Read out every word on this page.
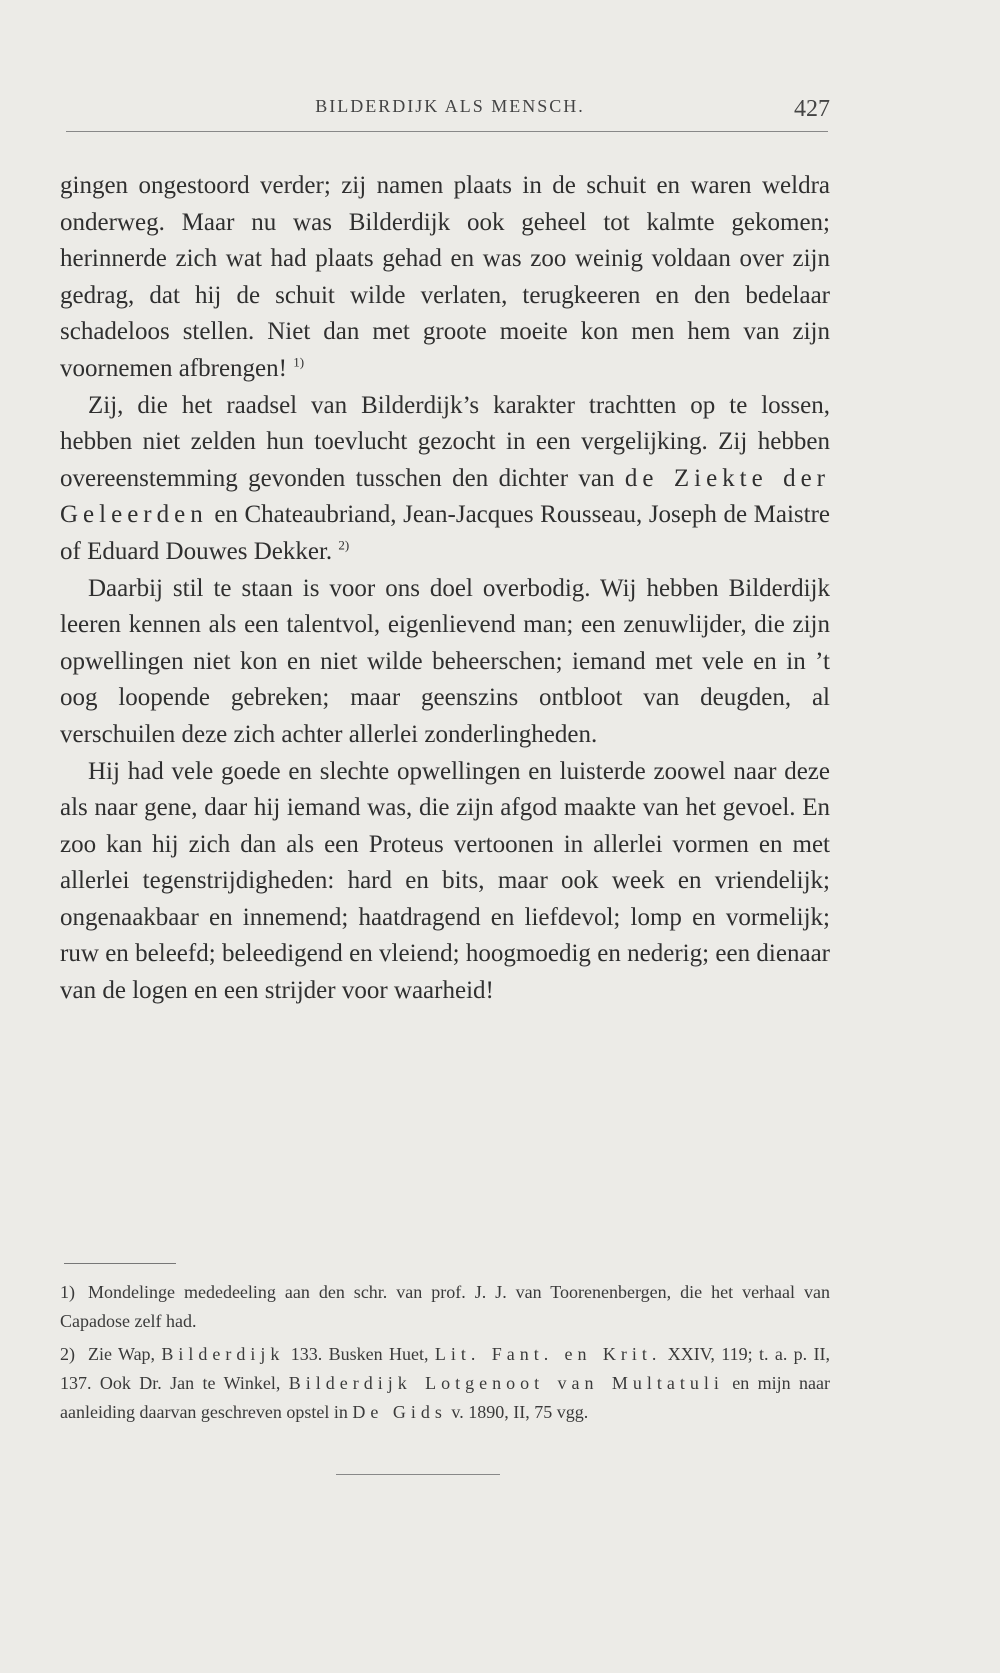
BILDERDIJK ALS MENSCH.	427

gingen ongestoord verder; zij namen plaats in de schuit en waren weldra onderweg. Maar nu was Bilderdijk ook geheel tot kalmte gekomen; herinnerde zich wat had plaats gehad en was zoo weinig voldaan over zijn gedrag, dat hij de schuit wilde verlaten, terugkeeren en den bedelaar schadeloos stellen. Niet dan met groote moeite kon men hem van zijn voornemen afbrengen! $^{1)}$

Zij, die het raadsel van Bilderdijk’s karakter trachtten op te lossen, hebben niet zelden hun toevlucht gezocht in een vergelijking. Zij hebben overeenstemming gevonden tusschen den dichter van de Ziekte der Geleerden en Chateaubriand, Jean-Jacques Rousseau, Joseph de Maistre of Eduard Douwes Dekker. $^{2)}$

Daarbij stil te staan is voor ons doel overbodig. Wij hebben Bilderdijk leeren kennen als een talentvol, eigenlievend man; een zenuwlijder, die zijn opwellingen niet kon en niet wilde beheerschen; iemand met vele en in ’t oog loopende gebreken; maar geenszins ontbloot van deugden, al verschuilen deze zich achter allerlei zonderlingheden.

Hij had vele goede en slechte opwellingen en luisterde zoowel naar deze als naar gene, daar hij iemand was, die zijn afgod maakte van het gevoel. En zoo kan hij zich dan als een Proteus vertoonen in allerlei vormen en met allerlei tegenstrijdigheden: hard en bits, maar ook week en vriendelijk; ongenaakbaar en innemend; haatdragend en liefdevol; lomp en vormelijk; ruw en beleefd; beleedigend en vleiend; hoogmoedig en nederig; een dienaar van de logen en een strijder voor waarheid!

1) Mondelinge mededeeling aan den schr. van prof. J. J. van Toorenenbergen, die het verhaal van Capadose zelf had.

2) Zie Wap, Bilderdijk 133. Busken Huet, Lit. Fant. en Krit. XXIV, 119; t. a. p. II, 137. Ook Dr. Jan te Winkel, Bilderdijk Lotgenoot van Multatuli en mijn naar aanleiding daarvan geschreven opstel in De Gids v. 1890, II, 75 vgg.
